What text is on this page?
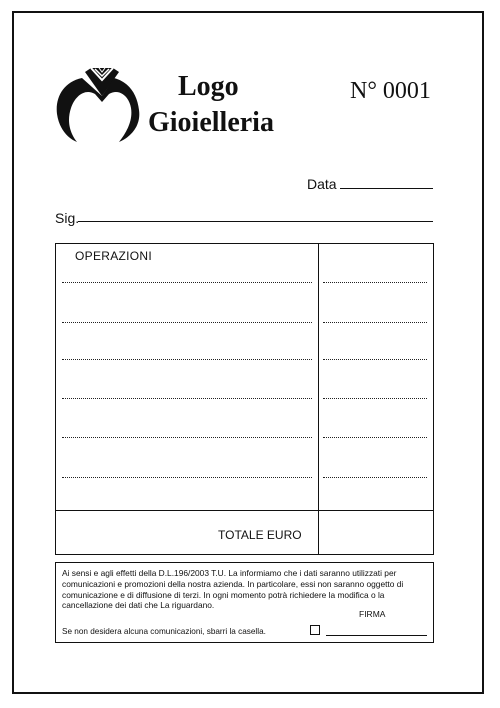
Logo
Gioielleria
N° 0001
Data
Sig.
OPERAZIONI
TOTALE EURO
Ai sensi e agli effetti della D.L.196/2003 T.U. La informiamo che i dati saranno utilizzati per comunicazioni e promozioni della nostra azienda. In particolare, essi non saranno oggetto di comunicazione e di diffusione di terzi. In ogni momento potrà richiedere la modifica o la cancellazione dei dati che La riguardano.
FIRMA
Se non desidera alcuna comunicazioni, sbarri la casella.
